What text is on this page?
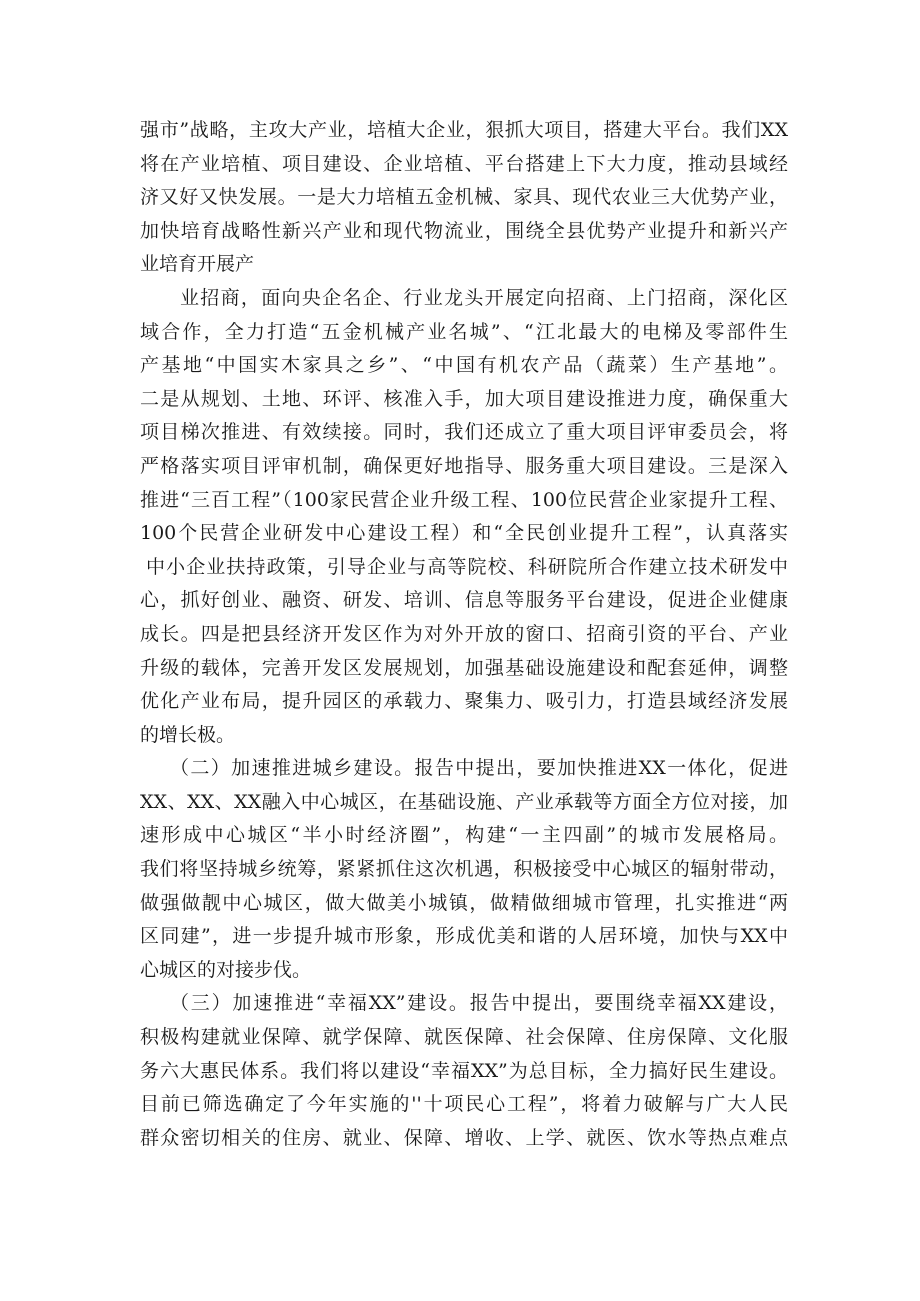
强市”战略，主攻大产业，培植大企业，狠抓大项目，搭建大平台。我们XX
将在产业培植、项目建设、企业培植、平台搭建上下大力度，推动县域经
济又好又快发展。一是大力培植五金机械、家具、现代农业三大优势产业，
加快培育战略性新兴产业和现代物流业，围绕全县优势产业提升和新兴产
业培育开展产
业招商，面向央企名企、行业龙头开展定向招商、上门招商，深化区
域合作，全力打造“五金机械产业名城”、“江北最大的电梯及零部件生
产基地“中国实木家具之乡”、“中国有机农产品（蔬菜）生产基地”。
二是从规划、土地、环评、核准入手，加大项目建设推进力度，确保重大
项目梯次推进、有效续接。同时，我们还成立了重大项目评审委员会，将
严格落实项目评审机制，确保更好地指导、服务重大项目建设。三是深入
推进“三百工程”（100家民营企业升级工程、100位民营企业家提升工程、
100个民营企业研发中心建设工程）和“全民创业提升工程”，认真落实
中小企业扶持政策，引导企业与高等院校、科研院所合作建立技术研发中
心，抓好创业、融资、研发、培训、信息等服务平台建设，促进企业健康
成长。四是把县经济开发区作为对外开放的窗口、招商引资的平台、产业
升级的载体，完善开发区发展规划，加强基础设施建设和配套延伸，调整
优化产业布局，提升园区的承载力、聚集力、吸引力，打造县域经济发展
的增长极。
（二）加速推进城乡建设。报告中提出，要加快推进XX一体化，促进
XX、XX、XX融入中心城区，在基础设施、产业承载等方面全方位对接，加
速形成中心城区“半小时经济圈”，构建“一主四副”的城市发展格局。
我们将坚持城乡统筹，紧紧抓住这次机遇，积极接受中心城区的辐射带动，
做强做靓中心城区，做大做美小城镇，做精做细城市管理，扎实推进“两
区同建”，进一步提升城市形象，形成优美和谐的人居环境，加快与XX中
心城区的对接步伐。
（三）加速推进“幸福XX”建设。报告中提出，要围绕幸福XX建设，
积极构建就业保障、就学保障、就医保障、社会保障、住房保障、文化服
务六大惠民体系。我们将以建设“幸福XX”为总目标，全力搞好民生建设。
目前已筛选确定了今年实施的''十项民心工程”，将着力破解与广大人民
群众密切相关的住房、就业、保障、增收、上学、就医、饮水等热点难点
